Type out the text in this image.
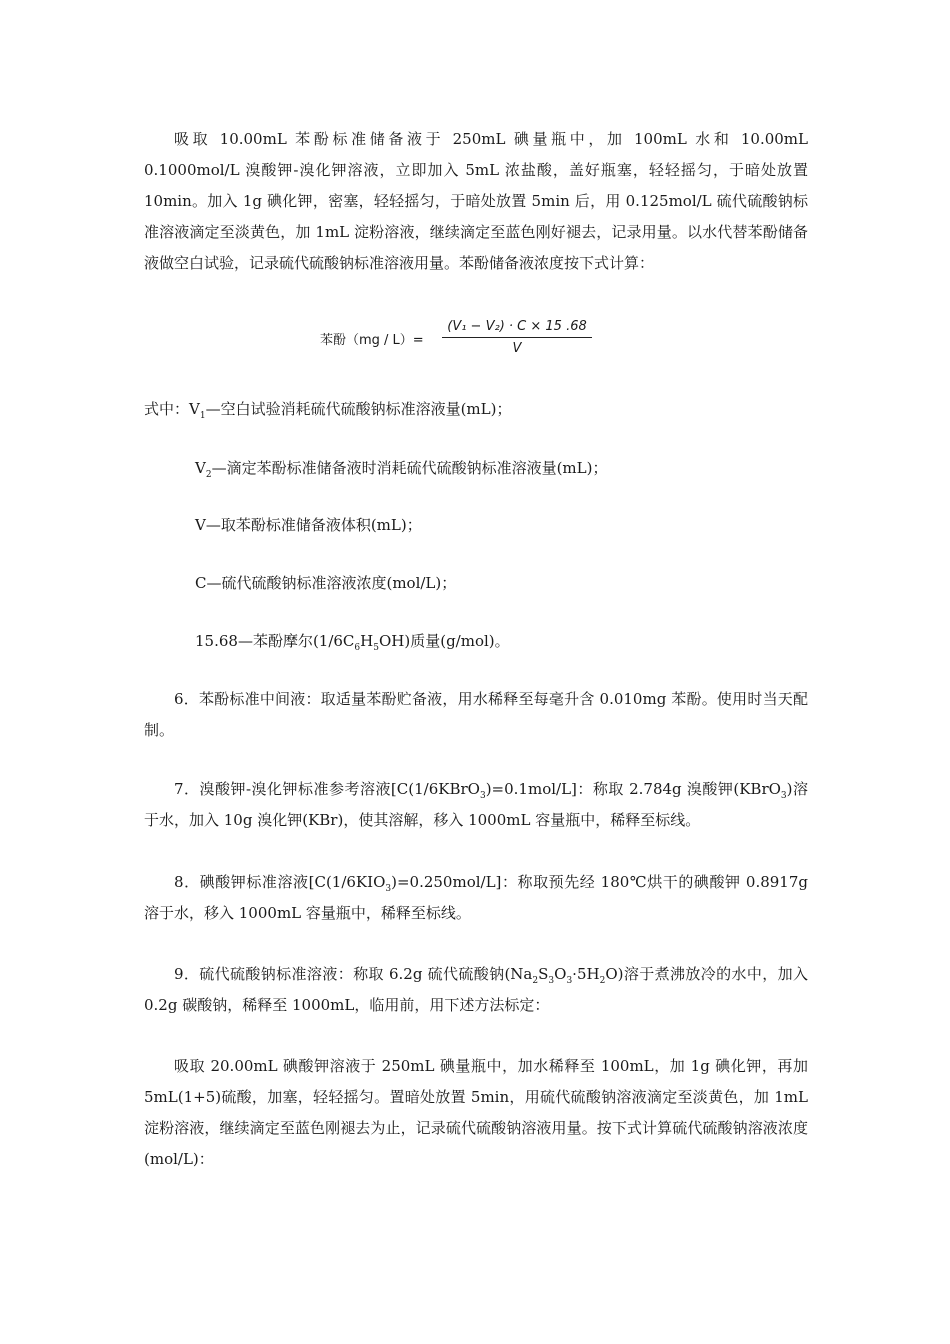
吸取 10.00mL 苯酚标准储备液于 250mL 碘量瓶中，加 100mL 水和 10.00mL 0.1000mol/L 溴酸钾-溴化钾溶液，立即加入 5mL 浓盐酸，盖好瓶塞，轻轻摇匀，于暗处放置 10min。加入 1g 碘化钾，密塞，轻轻摇匀，于暗处放置 5min 后，用 0.125mol/L 硫代硫酸钠标准溶液滴定至淡黄色，加 1mL 淀粉溶液，继续滴定至蓝色刚好褪去，记录用量。以水代替苯酚储备液做空白试验，记录硫代硫酸钠标准溶液用量。苯酚储备液浓度按下式计算：

苯酚（mg / L）=
(V₁ − V₂) · C × 15 .68
V
式中：$V_1—$空白试验消耗硫代硫酸钠标准溶液量(mL)；
$V_2—$滴定苯酚标准储备液时消耗硫代硫酸钠标准溶液量(mL)；
V—取苯酚标准储备液体积(mL)；
C—硫代硫酸钠标准溶液浓度(mol/L)；
15.68—苯酚摩尔$(1/6C_6H_5OH)$质量(g/mol)。

6．苯酚标准中间液：取适量苯酚贮备液，用水稀释至每毫升含 0.010mg 苯酚。使用时当天配制。

7．溴酸钾-溴化钾标准参考溶液[C(1/6KBrO$_3$)=0.1mol/L]：称取 2.784g 溴酸钾(KBrO$_3$)溶于水，加入 10g 溴化钾(KBr)，使其溶解，移入 1000mL 容量瓶中，稀释至标线。

8．碘酸钾标准溶液$[C(1/6KIO_3)=0.250mol/L]$：称取预先经 180℃烘干的碘酸钾 0.8917g 溶于水，移入 1000mL 容量瓶中，稀释至标线。

9．硫代硫酸钠标准溶液：称取 6.2g 硫代硫酸钠$(Na_2S_3O_3\cdot 5H_2O)$溶于煮沸放冷的水中，加入 0.2g 碳酸钠，稀释至 1000mL，临用前，用下述方法标定：

吸取 20.00mL 碘酸钾溶液于 250mL 碘量瓶中，加水稀释至 100mL，加 1g 碘化钾，再加 5mL(1+5)硫酸，加塞，轻轻摇匀。置暗处放置 5min，用硫代硫酸钠溶液滴定至淡黄色，加 1mL 淀粉溶液，继续滴定至蓝色刚褪去为止，记录硫代硫酸钠溶液用量。按下式计算硫代硫酸钠溶液浓度(mol/L)：
